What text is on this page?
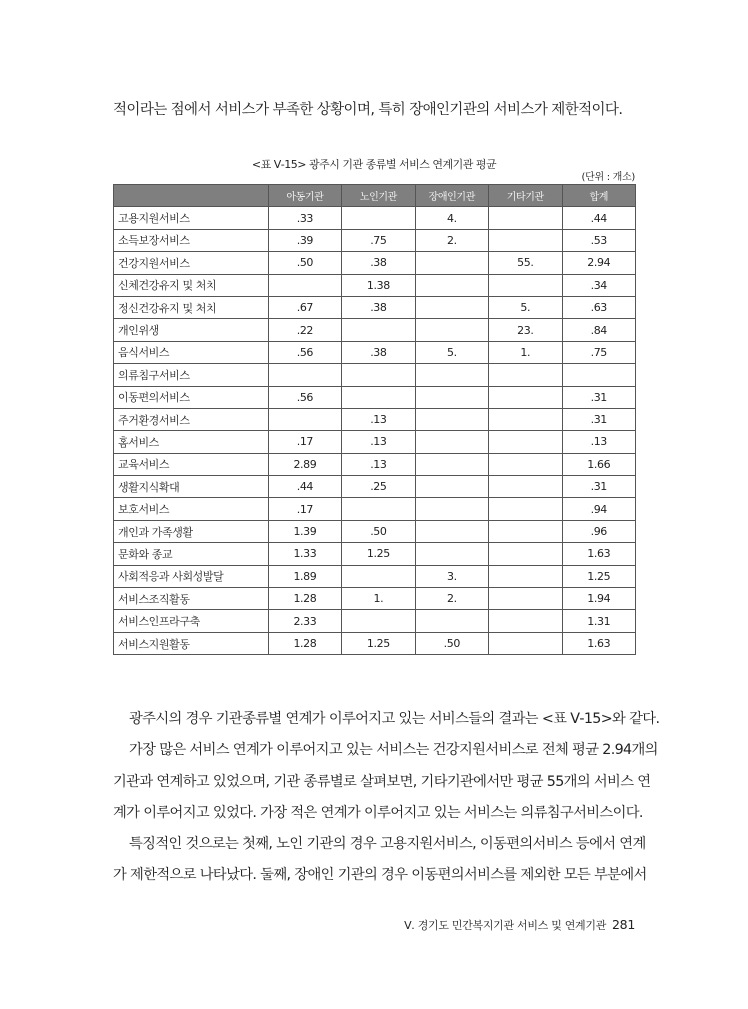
적이라는 점에서 서비스가 부족한 상황이며, 특히 장애인기관의 서비스가 제한적이다.
<표 Ⅴ-15> 광주시 기관 종류별 서비스 연계기관 평균
(단위 : 개소)
	아동기관	노인기관	장애인기관	기타기관	합계
고용지원서비스	.33		4.		.44
소득보장서비스	.39	.75	2.		.53
건강지원서비스	.50	.38		55.	2.94
신체건강유지 및 처치		1.38			.34
정신건강유지 및 처치	.67	.38		5.	.63
개인위생	.22			23.	.84
음식서비스	.56	.38	5.	1.	.75
의류침구서비스					
이동편의서비스	.56				.31
주거환경서비스		.13			.31
홈서비스	.17	.13			.13
교육서비스	2.89	.13			1.66
생활지식확대	.44	.25			.31
보호서비스	.17				.94
개인과 가족생활	1.39	.50			.96
문화와 종교	1.33	1.25			1.63
사회적응과 사회성발달	1.89		3.		1.25
서비스조직활동	1.28	1.	2.		1.94
서비스인프라구축	2.33				1.31
서비스지원활동	1.28	1.25	.50		1.63
광주시의 경우 기관종류별 연계가 이루어지고 있는 서비스들의 결과는 <표 Ⅴ-15>와 같다.
가장 많은 서비스 연계가 이루어지고 있는 서비스는 건강지원서비스로 전체 평균 2.94개의
기관과 연계하고 있었으며, 기관 종류별로 살펴보면, 기타기관에서만 평균 55개의 서비스 연
계가 이루어지고 있었다. 가장 적은 연계가 이루어지고 있는 서비스는 의류침구서비스이다.
특징적인 것으로는 첫째, 노인 기관의 경우 고용지원서비스, 이동편의서비스 등에서 연계
가 제한적으로 나타났다. 둘째, 장애인 기관의 경우 이동편의서비스를 제외한 모든 부분에서
Ⅴ. 경기도 민간복지기관 서비스 및 연계기관 281
